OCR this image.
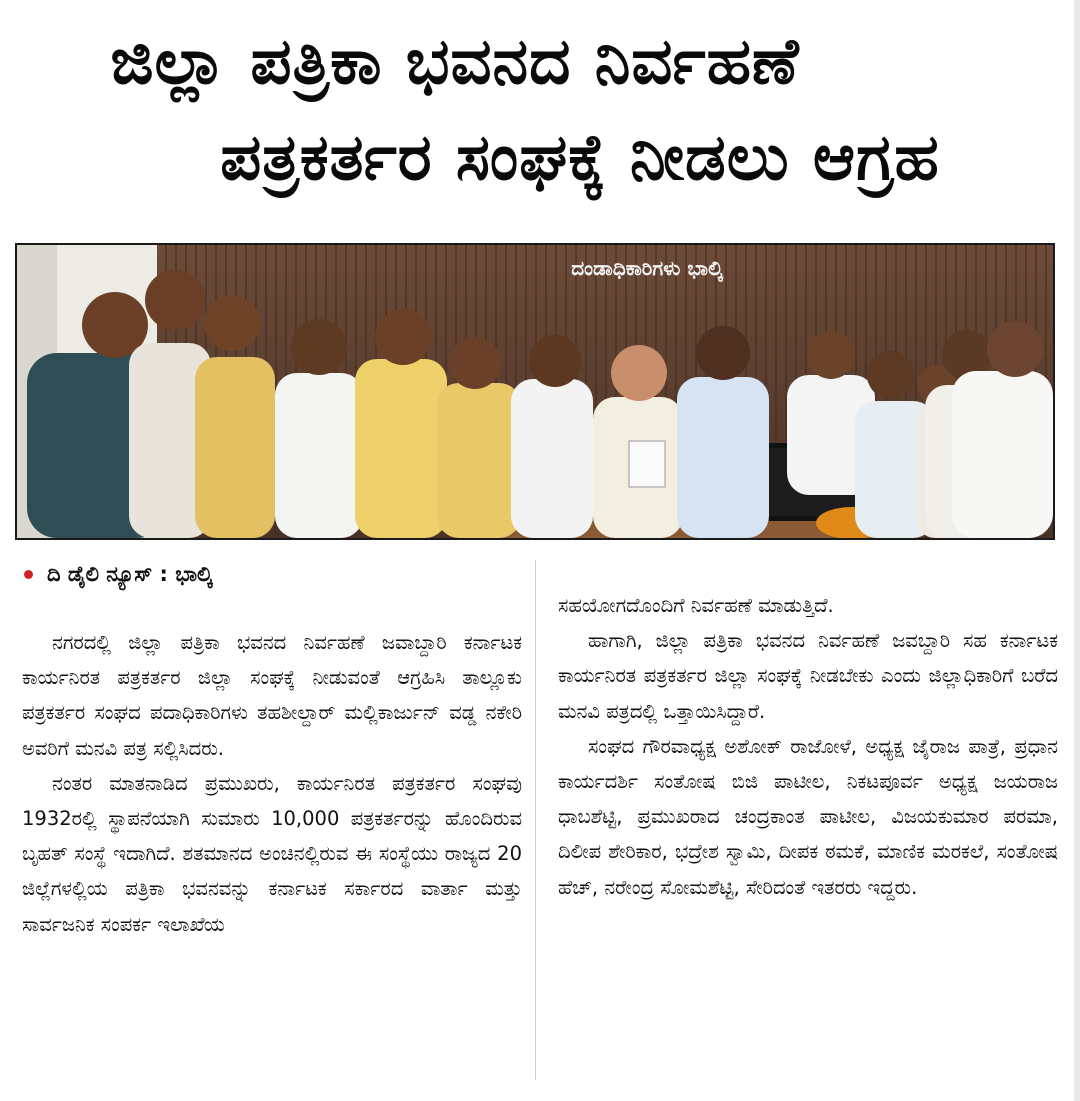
ಜಿಲ್ಲಾ ಪತ್ರಿಕಾ ಭವನದ ನಿರ್ವಹಣೆ
ಪತ್ರಕರ್ತರ ಸಂಘಕ್ಕೆ ನೀಡಲು ಆಗ್ರಹ
ದಂಡಾಧಿಕಾರಿಗಳು ಭಾಲ್ಕಿ
ದಿ ಡೈಲಿ ನ್ಯೂಸ್ : ಭಾಲ್ಕಿ

ನಗರದಲ್ಲಿ ಜಿಲ್ಲಾ ಪತ್ರಿಕಾ ಭವನದ ನಿರ್ವಹಣೆ ಜವಾಬ್ದಾರಿ ಕರ್ನಾಟಕ ಕಾರ್ಯನಿರತ ಪತ್ರಕರ್ತರ ಜಿಲ್ಲಾ ಸಂಘಕ್ಕೆ ನೀಡುವಂತೆ ಆಗ್ರಹಿಸಿ ತಾಲ್ಲೂಕು ಪತ್ರಕರ್ತರ ಸಂಘದ ಪದಾಧಿಕಾರಿಗಳು ತಹಶೀಲ್ದಾರ್ ಮಲ್ಲಿಕಾರ್ಜುನ್ ವಡ್ಡ ನಕೇರಿ ಅವರಿಗೆ ಮನವಿ ಪತ್ರ ಸಲ್ಲಿಸಿದರು.

ನಂತರ ಮಾತನಾಡಿದ ಪ್ರಮುಖರು, ಕಾರ್ಯನಿರತ ಪತ್ರಕರ್ತರ ಸಂಘವು 1932ರಲ್ಲಿ ಸ್ಥಾಪನೆಯಾಗಿ ಸುಮಾರು 10,000 ಪತ್ರಕರ್ತರನ್ನು ಹೊಂದಿರುವ ಬೃಹತ್ ಸಂಸ್ಥೆ ಇದಾಗಿದೆ. ಶತಮಾನದ ಅಂಚಿನಲ್ಲಿರುವ ಈ ಸಂಸ್ಥೆಯು ರಾಜ್ಯದ 20 ಜಿಲ್ಲೆಗಳಲ್ಲಿಯ ಪತ್ರಿಕಾ ಭವನವನ್ನು ಕರ್ನಾಟಕ ಸರ್ಕಾರದ ವಾರ್ತಾ ಮತ್ತು ಸಾರ್ವಜನಿಕ ಸಂಪರ್ಕ ಇಲಾಖೆಯ

ಸಹಯೋಗದೊಂದಿಗೆ ನಿರ್ವಹಣೆ ಮಾಡುತ್ತಿದೆ.

ಹಾಗಾಗಿ, ಜಿಲ್ಲಾ ಪತ್ರಿಕಾ ಭವನದ ನಿರ್ವಹಣೆ ಜವಬ್ದಾರಿ ಸಹ ಕರ್ನಾಟಕ ಕಾರ್ಯನಿರತ ಪತ್ರಕರ್ತರ ಜಿಲ್ಲಾ ಸಂಘಕ್ಕೆ ನೀಡಬೇಕು ಎಂದು ಜಿಲ್ಲಾಧಿಕಾರಿಗೆ ಬರೆದ ಮನವಿ ಪತ್ರದಲ್ಲಿ ಒತ್ತಾಯಿಸಿದ್ದಾರೆ.

ಸಂಘದ ಗೌರವಾಧ್ಯಕ್ಷ ಅಶೋಕ್ ರಾಜೋಳೆ, ಅಧ್ಯಕ್ಷ ಜೈರಾಜ ಪಾತ್ರೆ, ಪ್ರಧಾನ ಕಾರ್ಯದರ್ಶಿ ಸಂತೋಷ ಬಿಜಿ ಪಾಟೀಲ, ನಿಕಟಪೂರ್ವ ಅಧ್ಯಕ್ಷ ಜಯರಾಜ ಧಾಬಶೆಟ್ಟಿ, ಪ್ರಮುಖರಾದ ಚಂದ್ರಕಾಂತ ಪಾಟೀಲ, ವಿಜಯಕುಮಾರ ಪರಮಾ, ದಿಲೀಪ ಶೇರಿಕಾರ, ಭದ್ರೇಶ ಸ್ವಾಮಿ, ದೀಪಕ ಠಮಕೆ, ಮಾಣಿಕ ಮರಕಲೆ, ಸಂತೋಷ ಹೆಚ್, ನರೇಂದ್ರ ಸೋಮಶೆಟ್ಟಿ, ಸೇರಿದಂತೆ ಇತರರು ಇದ್ದರು.
